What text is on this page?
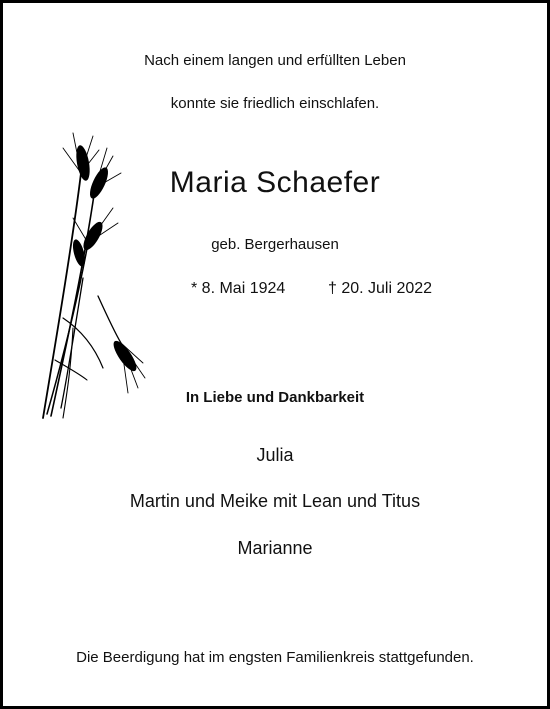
Nach einem langen und erfüllten Leben
konnte sie friedlich einschlafen.
Maria Schaefer
geb. Bergerhausen
* 8. Mai 1924	† 20. Juli 2022
In Liebe und Dankbarkeit
Julia
Martin und Meike mit Lean und Titus
Marianne
Die Beerdigung hat im engsten Familienkreis stattgefunden.
